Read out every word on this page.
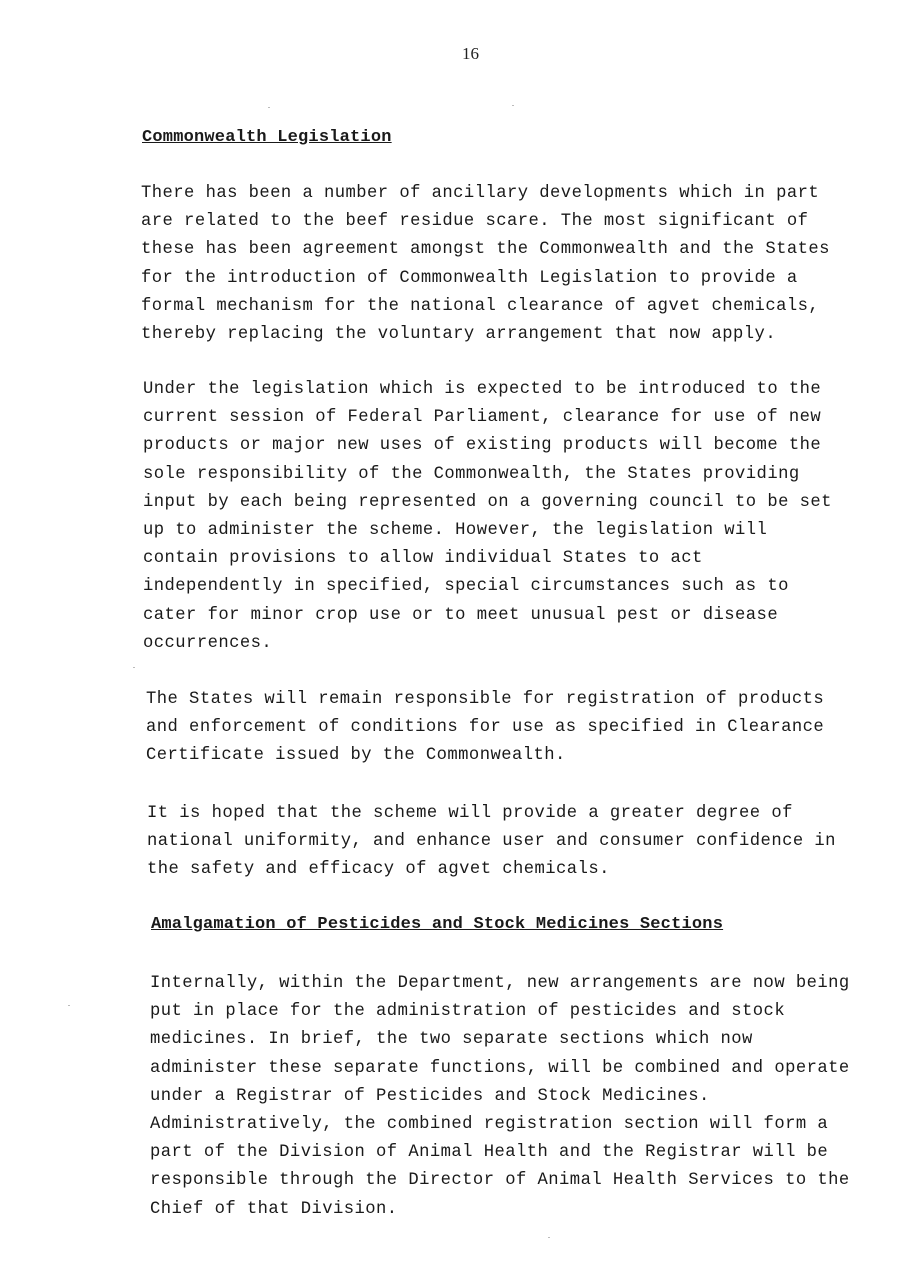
16
Commonwealth Legislation
There has been a number of ancillary developments which in part
are related to the beef residue scare. The most significant of
these has been agreement amongst the Commonwealth and the States
for the introduction of Commonwealth Legislation to provide a
formal mechanism for the national clearance of agvet chemicals,
thereby replacing the voluntary arrangement that now apply.
Under the legislation which is expected to be introduced to the
current session of Federal Parliament, clearance for use of new
products or major new uses of existing products will become the
sole responsibility of the Commonwealth, the States providing
input by each being represented on a governing council to be set
up to administer the scheme. However, the legislation will
contain provisions to allow individual States to act
independently in specified, special circumstances such as to
cater for minor crop use or to meet unusual pest or disease
occurrences.
The States will remain responsible for registration of products
and enforcement of conditions for use as specified in Clearance
Certificate issued by the Commonwealth.
It is hoped that the scheme will provide a greater degree of
national uniformity, and enhance user and consumer confidence in
the safety and efficacy of agvet chemicals.
Amalgamation of Pesticides and Stock Medicines Sections
Internally, within the Department, new arrangements are now being
put in place for the administration of pesticides and stock
medicines. In brief, the two separate sections which now
administer these separate functions, will be combined and operate
under a Registrar of Pesticides and Stock Medicines.
Administratively, the combined registration section will form a
part of the Division of Animal Health and the Registrar will be
responsible through the Director of Animal Health Services to the
Chief of that Division.
